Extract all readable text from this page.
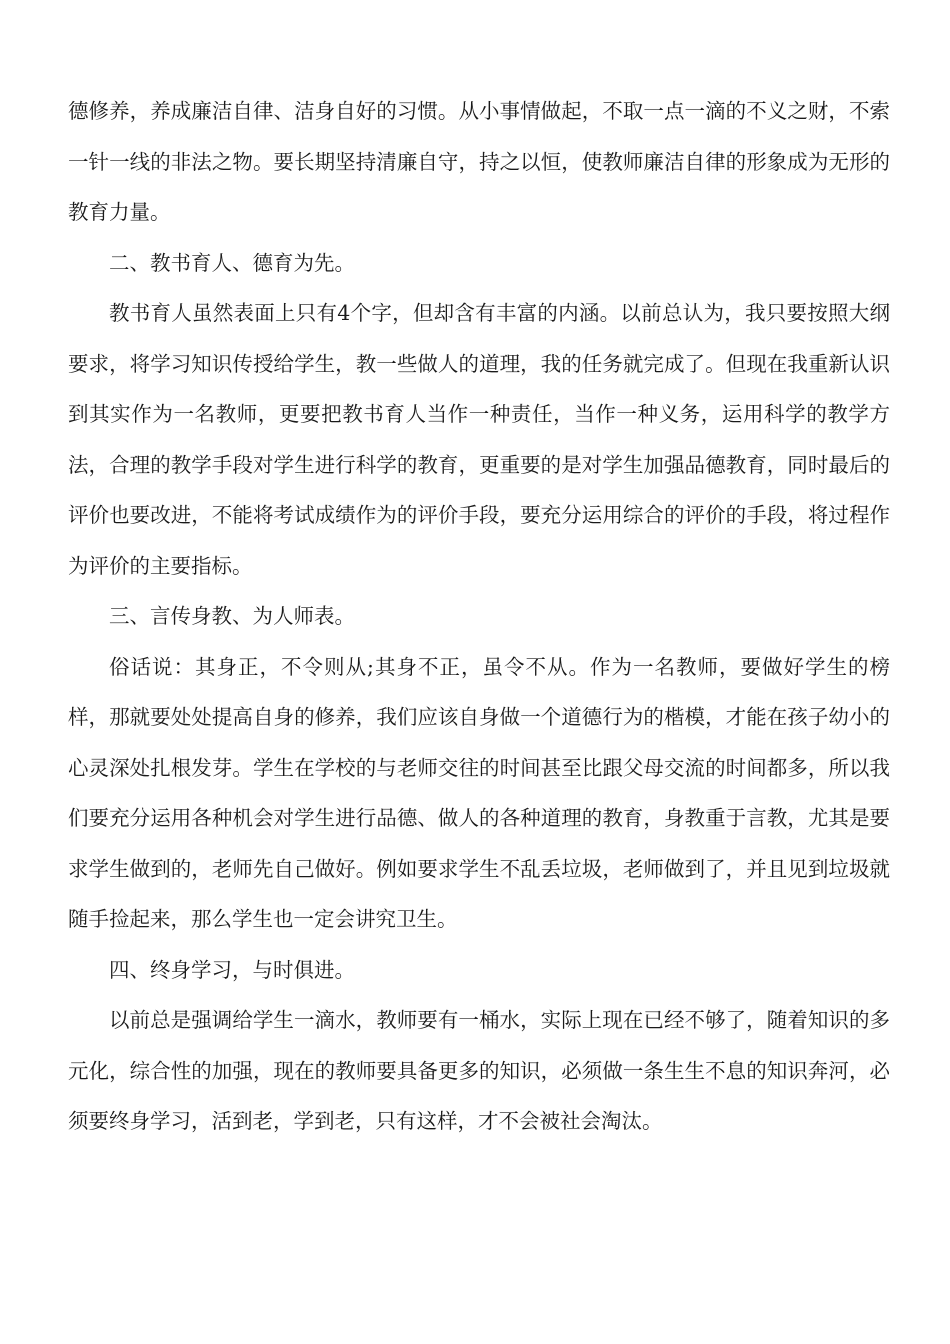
德修养，养成廉洁自律、洁身自好的习惯。从小事情做起，不取一点一滴的不义之财，不索一针一线的非法之物。要长期坚持清廉自守，持之以恒，使教师廉洁自律的形象成为无形的教育力量。

二、教书育人、德育为先。

教书育人虽然表面上只有4个字，但却含有丰富的内涵。以前总认为，我只要按照大纲要求，将学习知识传授给学生，教一些做人的道理，我的任务就完成了。但现在我重新认识到其实作为一名教师，更要把教书育人当作一种责任，当作一种义务，运用科学的教学方法，合理的教学手段对学生进行科学的教育，更重要的是对学生加强品德教育，同时最后的评价也要改进，不能将考试成绩作为的评价手段，要充分运用综合的评价的手段，将过程作为评价的主要指标。

三、言传身教、为人师表。

俗话说：其身正，不令则从;其身不正，虽令不从。作为一名教师，要做好学生的榜样，那就要处处提高自身的修养，我们应该自身做一个道德行为的楷模，才能在孩子幼小的心灵深处扎根发芽。学生在学校的与老师交往的时间甚至比跟父母交流的时间都多，所以我们要充分运用各种机会对学生进行品德、做人的各种道理的教育，身教重于言教，尤其是要求学生做到的，老师先自己做好。例如要求学生不乱丢垃圾，老师做到了，并且见到垃圾就随手捡起来，那么学生也一定会讲究卫生。

四、终身学习，与时俱进。

以前总是强调给学生一滴水，教师要有一桶水，实际上现在已经不够了，随着知识的多元化，综合性的加强，现在的教师要具备更多的知识，必须做一条生生不息的知识奔河，必须要终身学习，活到老，学到老，只有这样，才不会被社会淘汰。
